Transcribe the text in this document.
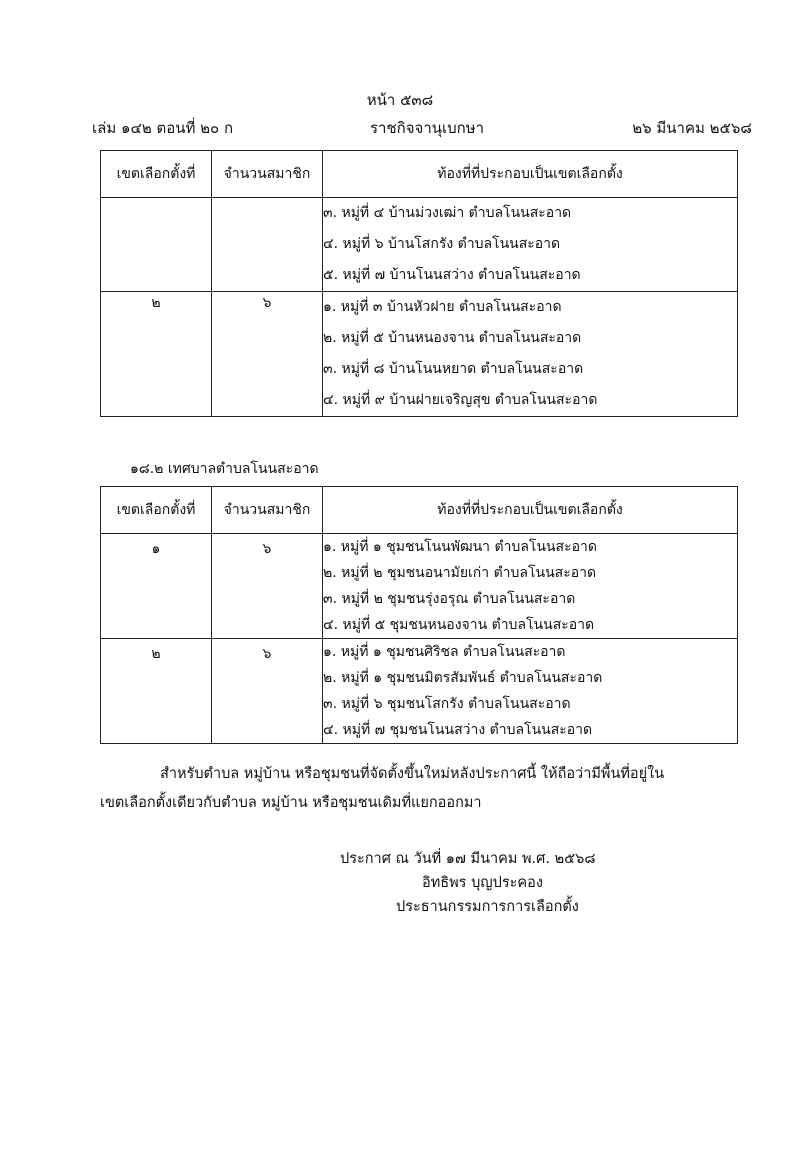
หน้า ๕๓๘
เล่ม ๑๔๒ ตอนที่ ๒๐ ก	ราชกิจจานุเบกษา	๒๖ มีนาคม ๒๕๖๘
เขตเลือกตั้งที่	จำนวนสมาชิก	ท้องที่ที่ประกอบเป็นเขตเลือกตั้ง

		๓. หมู่ที่ ๔ บ้านม่วงเฒ่า ตำบลโนนสะอาด
๔. หมู่ที่ ๖ บ้านโสกรัง ตำบลโนนสะอาด
๕. หมู่ที่ ๗ บ้านโนนสว่าง ตำบลโนนสะอาด

๒	๖	๑. หมู่ที่ ๓ บ้านหัวฝาย ตำบลโนนสะอาด
๒. หมู่ที่ ๕ บ้านหนองจาน ตำบลโนนสะอาด
๓. หมู่ที่ ๘ บ้านโนนหยาด ตำบลโนนสะอาด
๔. หมู่ที่ ๙ บ้านฝายเจริญสุข ตำบลโนนสะอาด
๑๘.๒ เทศบาลตำบลโนนสะอาด
เขตเลือกตั้งที่	จำนวนสมาชิก	ท้องที่ที่ประกอบเป็นเขตเลือกตั้ง
๑	๖	๑. หมู่ที่ ๑ ชุมชนโนนพัฒนา ตำบลโนนสะอาด
๒. หมู่ที่ ๒ ชุมชนอนามัยเก่า ตำบลโนนสะอาด
๓. หมู่ที่ ๒ ชุมชนรุ่งอรุณ ตำบลโนนสะอาด
๔. หมู่ที่ ๕ ชุมชนหนองจาน ตำบลโนนสะอาด

๒	๖	๑. หมู่ที่ ๑ ชุมชนศิริชล ตำบลโนนสะอาด
๒. หมู่ที่ ๑ ชุมชนมิตรสัมพันธ์ ตำบลโนนสะอาด
๓. หมู่ที่ ๖ ชุมชนโสกรัง ตำบลโนนสะอาด
๔. หมู่ที่ ๗ ชุมชนโนนสว่าง ตำบลโนนสะอาด
สำหรับตำบล หมู่บ้าน หรือชุมชนที่จัดตั้งขึ้นใหม่หลังประกาศนี้ ให้ถือว่ามีพื้นที่อยู่ใน
เขตเลือกตั้งเดียวกับตำบล หมู่บ้าน หรือชุมชนเดิมที่แยกออกมา
ประกาศ ณ วันที่ ๑๗ มีนาคม พ.ศ. ๒๕๖๘
อิทธิพร บุญประคอง
ประธานกรรมการการเลือกตั้ง
